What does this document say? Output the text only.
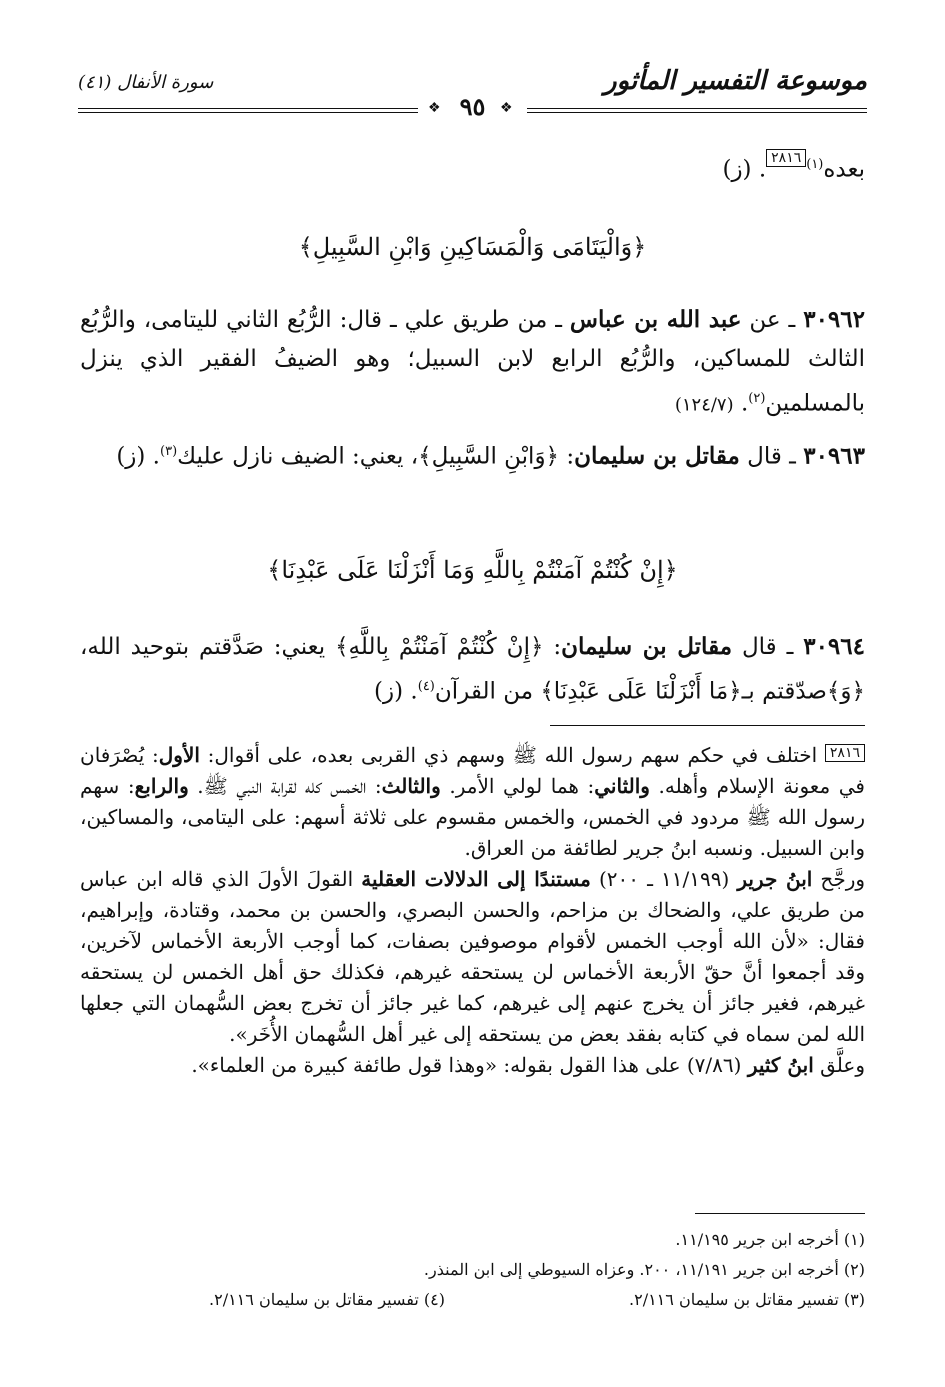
موسوعة التفسير المأثور
سورة الأنفال (٤١)
❖	❖
٩٥
بعده$^{(١)}$٢٨١٦. (ز)
﴿وَالْيَتَامَى وَالْمَسَاكِينِ وَابْنِ السَّبِيلِ﴾
٣٠٩٦٢ ـ عن عبد الله بن عباس ـ من طريق علي ـ قال: الرُّبُع الثاني لليتامى، والرُّبُع الثالث للمساكين، والرُّبُع الرابع لابن السبيل؛ وهو الضيفُ الفقير الذي ينزل بالمسلمين$^{(٢)}$. (١٢٤/٧)
٣٠٩٦٣ ـ قال مقاتل بن سليمان: ﴿وَابْنِ السَّبِيلِ﴾، يعني: الضيف نازل عليك$^{(٣)}$. (ز)
﴿إِنْ كُنْتُمْ آمَنْتُمْ بِاللَّهِ وَمَا أَنْزَلْنَا عَلَى عَبْدِنَا﴾
٣٠٩٦٤ ـ قال مقاتل بن سليمان: ﴿إِنْ كُنْتُمْ آمَنْتُمْ بِاللَّهِ﴾ يعني: صَدَّقتم بتوحيد الله، ﴿وَ﴾صدّقتم بـ﴿مَا أَنْزَلْنَا عَلَى عَبْدِنَا﴾ من القرآن$^{(٤)}$. (ز)
٢٨١٦ اختلف في حكم سهم رسول الله ﷺ وسهم ذي القربى بعده، على أقوال: الأول: يُصْرَفان في معونة الإسلام وأهله. والثاني: هما لولي الأمر. والثالث: الخمس كله لقرابة النبي ﷺ. والرابع: سهم رسول الله ﷺ مردود في الخمس، والخمس مقسوم على ثلاثة أسهم: على اليتامى، والمساكين، وابن السبيل. ونسبه ابنُ جرير لطائفة من العراق.
ورجَّح ابنُ جرير (١١/١٩٩ ـ ٢٠٠) مستندًا إلى الدلالات العقلية القولَ الأولَ الذي قاله ابن عباس من طريق علي، والضحاك بن مزاحم، والحسن البصري، والحسن بن محمد، وقتادة، وإبراهيم، فقال: «لأن الله أوجب الخمس لأقوام موصوفين بصفات، كما أوجب الأربعة الأخماس لآخرين، وقد أجمعوا أنَّ حقّ الأربعة الأخماس لن يستحقه غيرهم، فكذلك حق أهل الخمس لن يستحقه غيرهم، فغير جائز أن يخرج عنهم إلى غيرهم، كما غير جائز أن تخرج بعض السُّهمان التي جعلها الله لمن سماه في كتابه بفقد بعض من يستحقه إلى غير أهل السُّهمان الأُخَر».
وعلَّق ابنُ كثير (٧/٨٦) على هذا القول بقوله: «وهذا قول طائفة كبيرة من العلماء».
(١) أخرجه ابن جرير ١١/١٩٥.
(٢) أخرجه ابن جرير ١١/١٩١، ٢٠٠. وعزاه السيوطي إلى ابن المنذر.
(٣) تفسير مقاتل بن سليمان ٢/١١٦.
(٤) تفسير مقاتل بن سليمان ٢/١١٦.
